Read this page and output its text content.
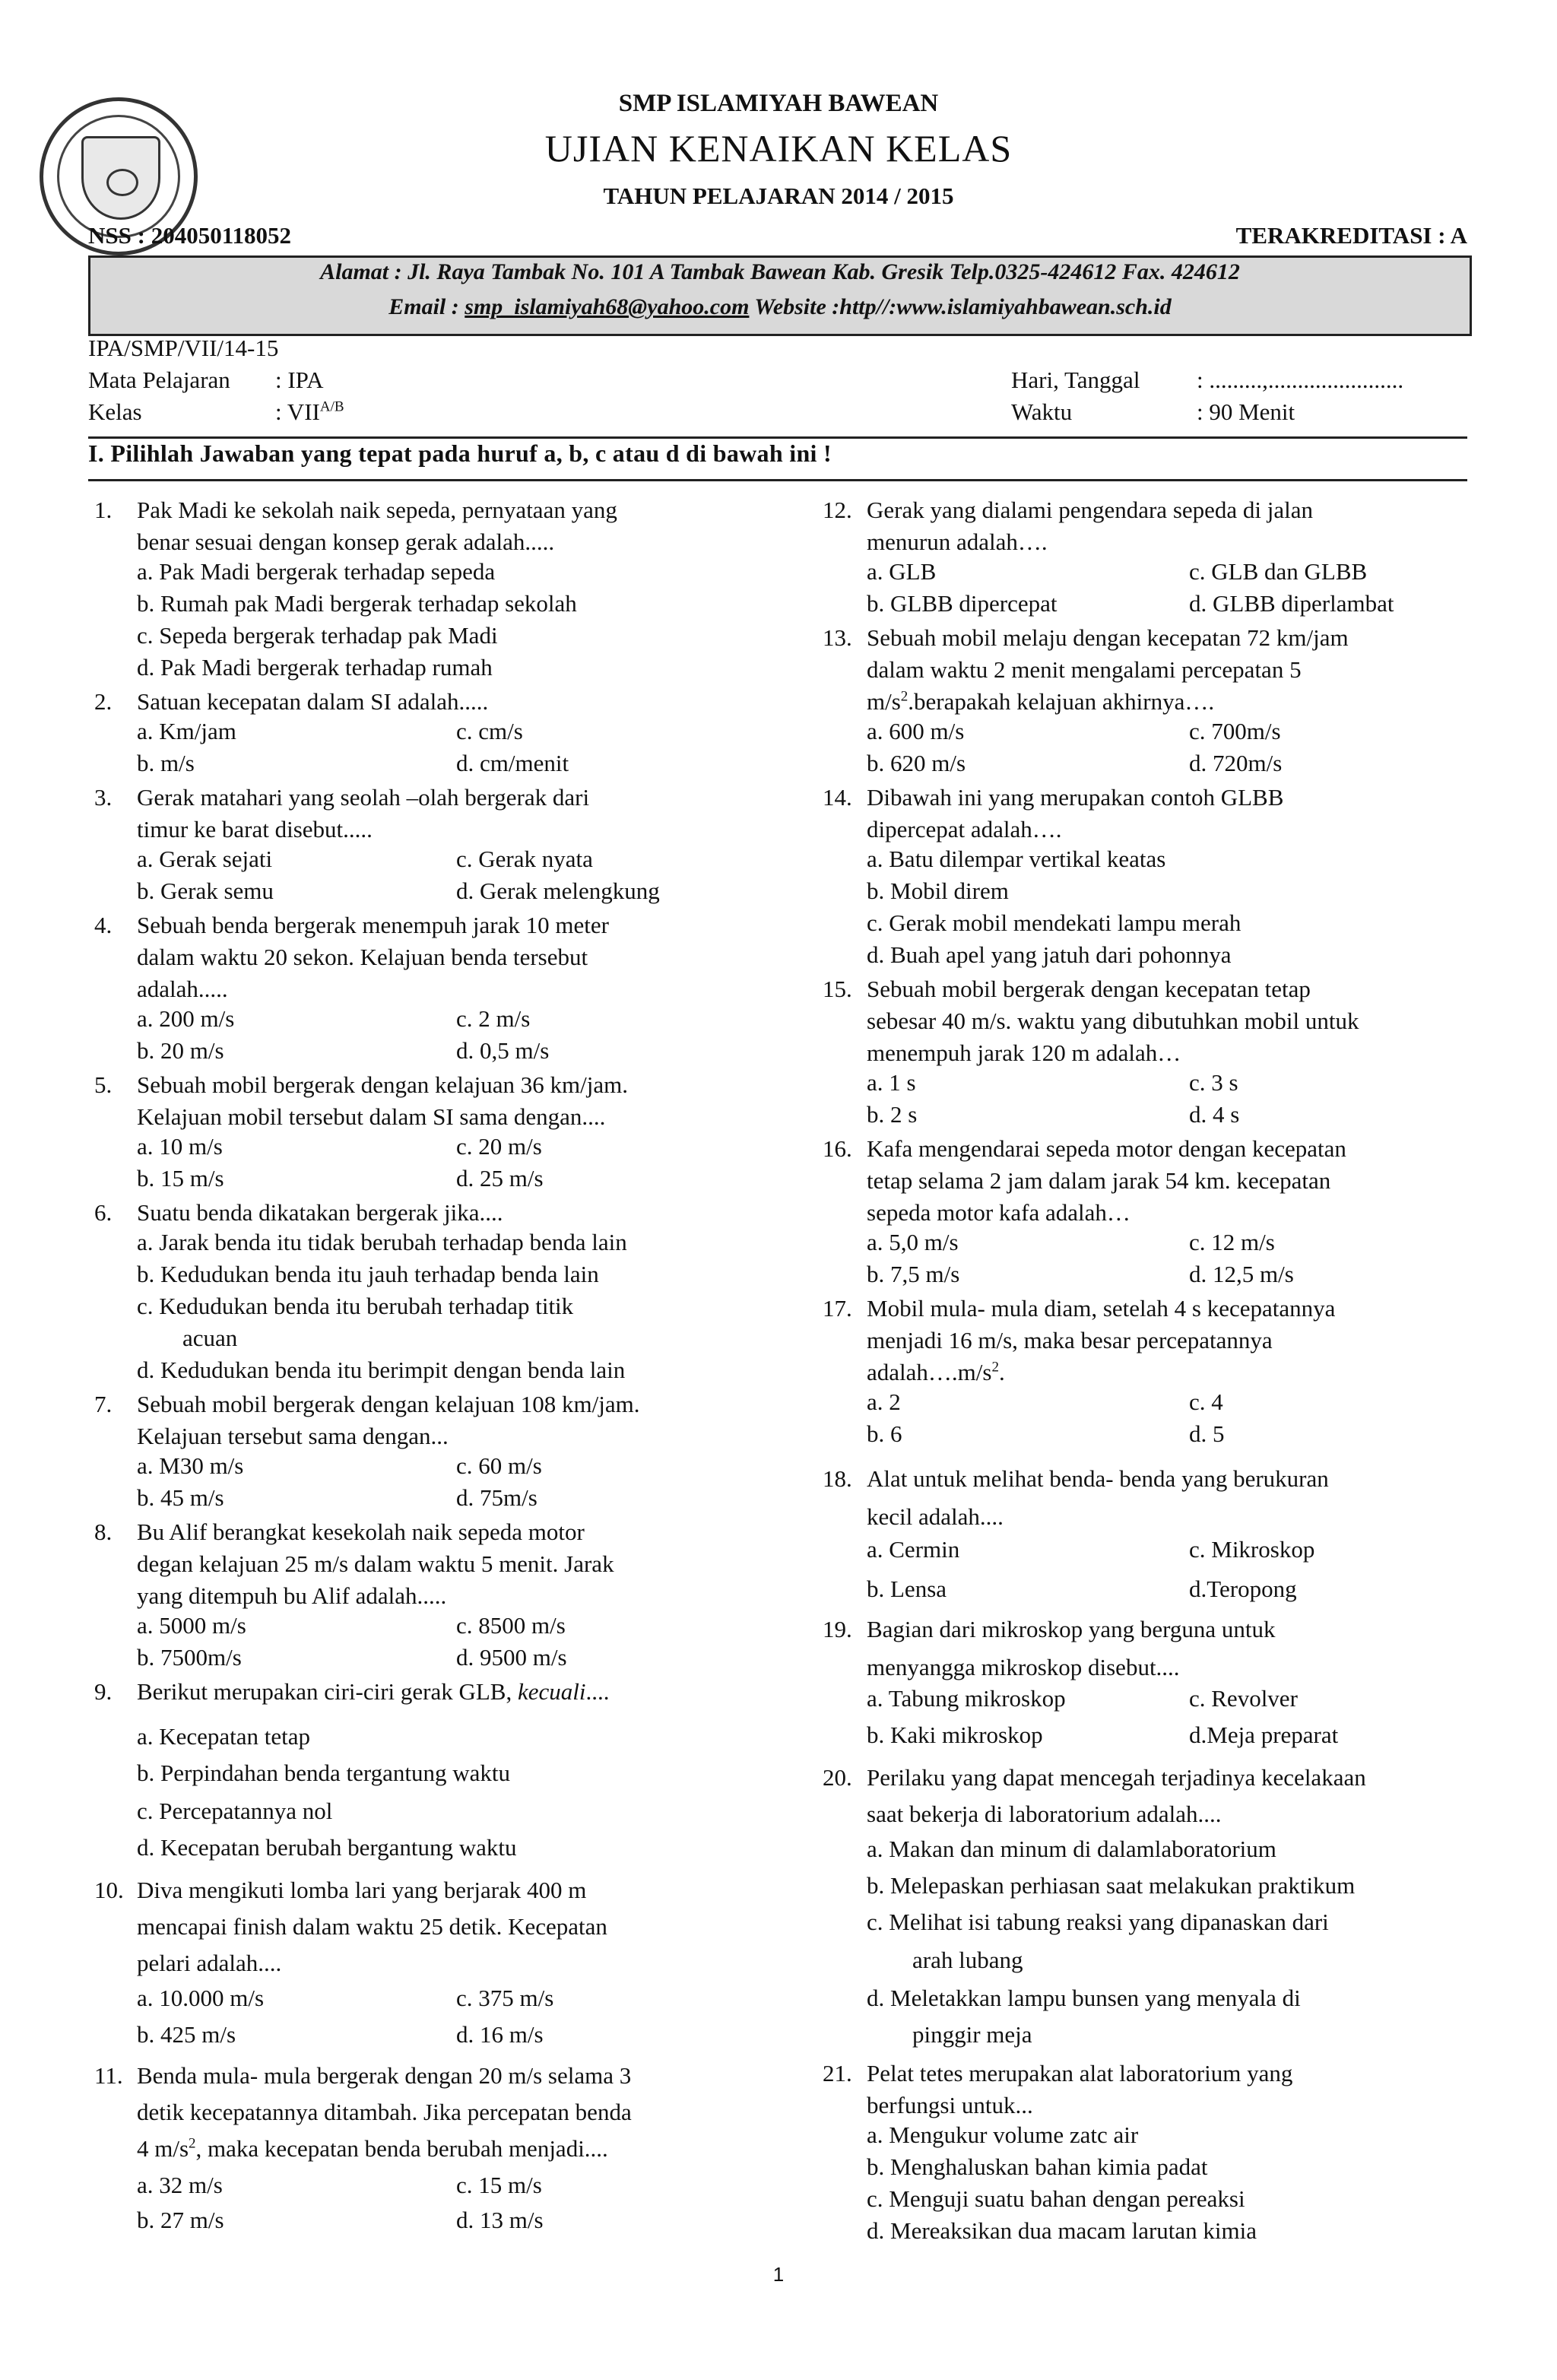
SMP ISLAMIYAH BAWEAN
UJIAN KENAIKAN KELAS
TAHUN PELAJARAN 2014 / 2015
NSS : 204050118052	TERAKREDITASI : A
Alamat : Jl. Raya Tambak No. 101 A Tambak Bawean Kab. Gresik Telp.0325-424612 Fax. 424612
Email : smp_islamiyah68@yahoo.com Website :http//:www.islamiyahbawean.sch.id
IPA/SMP/VII/14-15
Mata Pelajaran : IPA
Kelas	: $VII^{A/B}$
Hari, Tanggal : .........,.......................
Waktu	: 90 Menit
I. Pilihlah Jawaban yang tepat pada huruf a, b, c atau d di bawah ini !
1. Pak Madi ke sekolah naik sepeda, pernyataan yang
benar sesuai dengan konsep gerak adalah.....
a. Pak Madi bergerak terhadap sepeda
b. Rumah pak Madi bergerak terhadap sekolah
c. Sepeda bergerak terhadap pak Madi
d. Pak Madi bergerak terhadap rumah
2. Satuan kecepatan dalam SI adalah.....
a. Km/jam	c. cm/s
b. m/s	d. cm/menit
3. Gerak matahari yang seolah –olah bergerak dari
timur ke barat disebut.....
a. Gerak sejati	c. Gerak nyata
b. Gerak semu	d. Gerak melengkung
4. Sebuah benda bergerak menempuh jarak 10 meter
dalam waktu 20 sekon. Kelajuan benda tersebut
adalah.....
a. 200 m/s	c. 2 m/s
b. 20 m/s	d. 0,5 m/s
5. Sebuah mobil bergerak dengan kelajuan 36 km/jam.
Kelajuan mobil tersebut dalam SI sama dengan....
a. 10 m/s	c. 20 m/s
b. 15 m/s	d. 25 m/s
6. Suatu benda dikatakan bergerak jika....
a. Jarak benda itu tidak berubah terhadap benda lain
b. Kedudukan benda itu jauh terhadap benda lain
c. Kedudukan benda itu berubah terhadap titik
acuan
d. Kedudukan benda itu berimpit dengan benda lain
7. Sebuah mobil bergerak dengan kelajuan 108 km/jam.
Kelajuan tersebut sama dengan...
a. M30 m/s	c. 60 m/s
b. 45 m/s	d. 75m/s
8. Bu Alif berangkat kesekolah naik sepeda motor
degan kelajuan 25 m/s dalam waktu 5 menit. Jarak
yang ditempuh bu Alif adalah.....
a. 5000 m/s	c. 8500 m/s
b. 7500m/s	d. 9500 m/s
9. Berikut merupakan ciri-ciri gerak GLB, kecuali....
a. Kecepatan tetap
b. Perpindahan benda tergantung waktu
c. Percepatannya nol
d. Kecepatan berubah bergantung waktu
10. Diva mengikuti lomba lari yang berjarak 400 m
mencapai finish dalam waktu 25 detik. Kecepatan
pelari adalah....
a. 10.000 m/s	c. 375 m/s
b. 425 m/s	d. 16 m/s
11. Benda mula- mula bergerak dengan 20 m/s selama 3
detik kecepatannya ditambah. Jika percepatan benda
4 $m/s^2$, maka kecepatan benda berubah menjadi....
a. 32 m/s	c. 15 m/s
b. 27 m/s	d. 13 m/s
12. Gerak yang dialami pengendara sepeda di jalan
menurun adalah….
a. GLB	c. GLB dan GLBB
b. GLBB dipercepat	d. GLBB diperlambat
13. Sebuah mobil melaju dengan kecepatan 72 km/jam
dalam waktu 2 menit mengalami percepatan 5
$m/s^2.berapakah$ kelajuan akhirnya….
a. 600 m/s	c. 700m/s
b. 620 m/s	d. 720m/s
14. Dibawah ini yang merupakan contoh GLBB
dipercepat adalah….
a. Batu dilempar vertikal keatas
b. Mobil direm
c. Gerak mobil mendekati lampu merah
d. Buah apel yang jatuh dari pohonnya
15. Sebuah mobil bergerak dengan kecepatan tetap
sebesar 40 m/s. waktu yang dibutuhkan mobil untuk
menempuh jarak 120 m adalah…
a. 1 s	c. 3 s
b. 2 s	d. 4 s
16. Kafa mengendarai sepeda motor dengan kecepatan
tetap selama 2 jam dalam jarak 54 km. kecepatan
sepeda motor kafa adalah…
a. 5,0 m/s	c. 12 m/s
b. 7,5 m/s	d. 12,5 m/s
17. Mobil mula- mula diam, setelah 4 s kecepatannya
menjadi 16 m/s, maka besar percepatannya
$adalah\dots.m/s^2$.
a. 2	c. 4
b. 6	d. 5
18. Alat untuk melihat benda- benda yang berukuran
kecil adalah....
a. Cermin	c. Mikroskop
b. Lensa	d.Teropong
19. Bagian dari mikroskop yang berguna untuk
menyangga mikroskop disebut....
a. Tabung mikroskop	c. Revolver
b. Kaki mikroskop	d.Meja preparat
20. Perilaku yang dapat mencegah terjadinya kecelakaan
saat bekerja di laboratorium adalah....
a. Makan dan minum di dalamlaboratorium
b. Melepaskan perhiasan saat melakukan praktikum
c. Melihat isi tabung reaksi yang dipanaskan dari
arah lubang
d. Meletakkan lampu bunsen yang menyala di
pinggir meja
21. Pelat tetes merupakan alat laboratorium yang
berfungsi untuk...
a. Mengukur volume zatc air
b. Menghaluskan bahan kimia padat
c. Menguji suatu bahan dengan pereaksi
d. Mereaksikan dua macam larutan kimia
1
